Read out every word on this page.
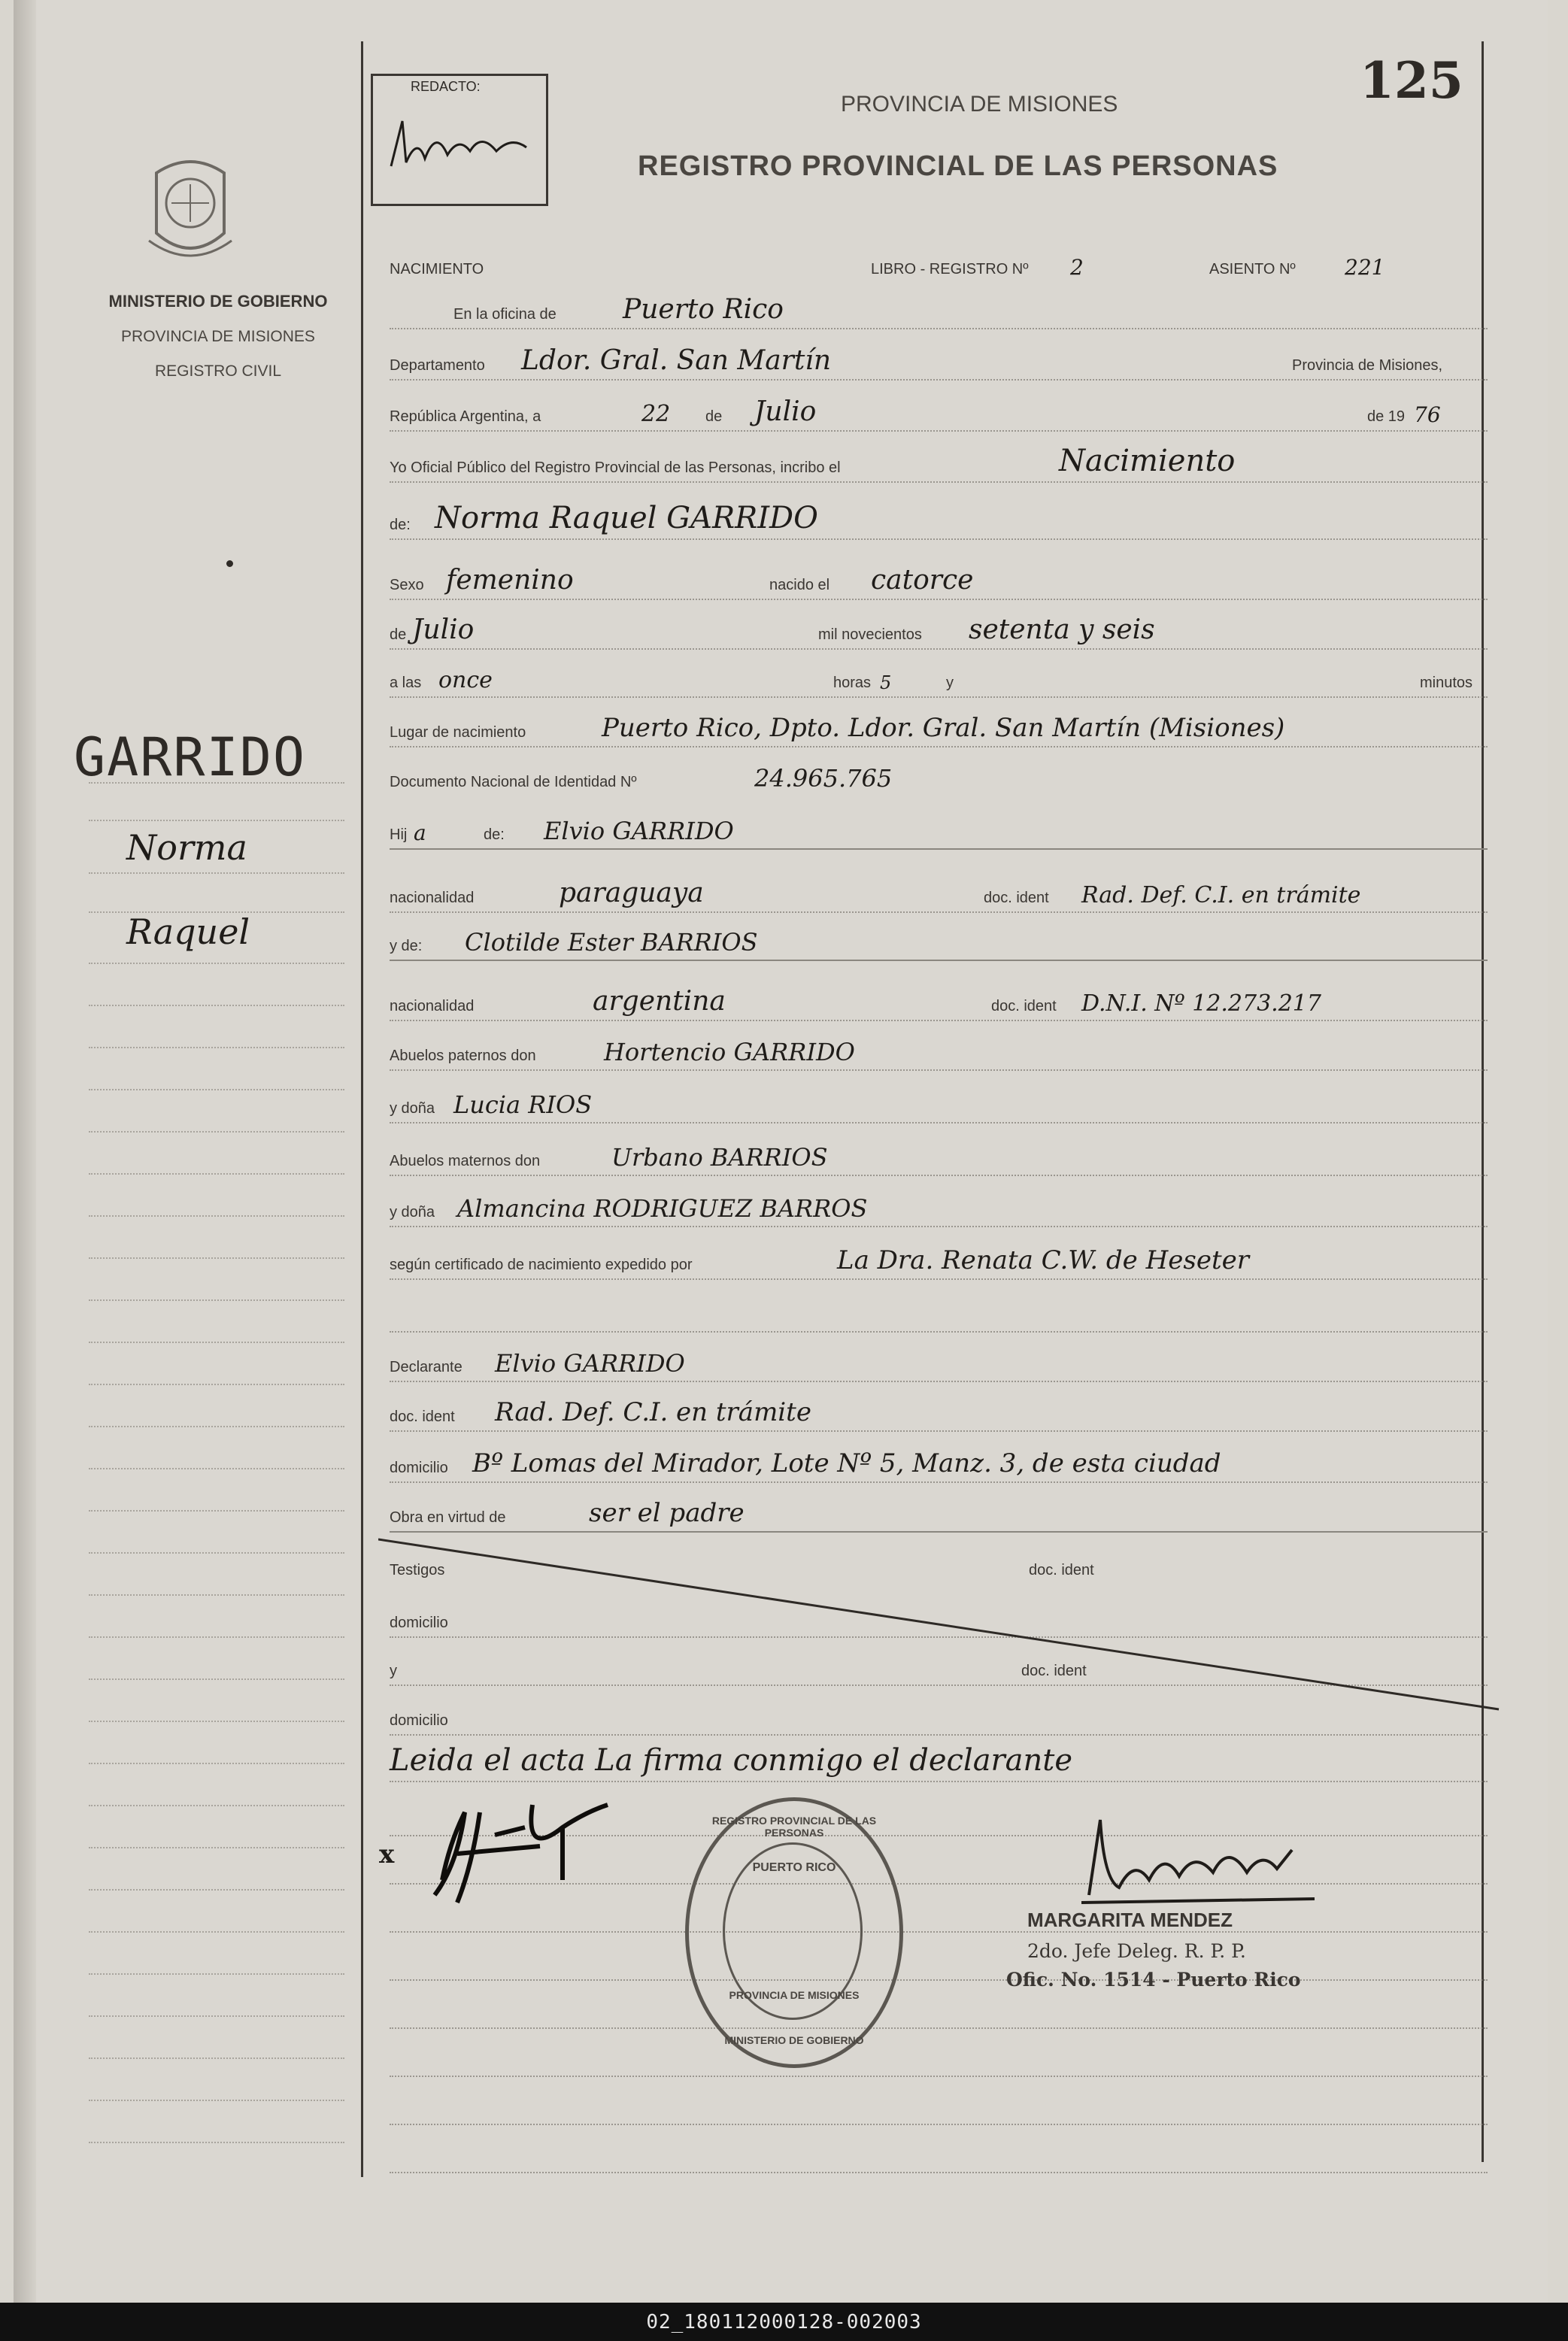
MINISTERIO DE GOBIERNO
PROVINCIA DE MISIONES
REGISTRO CIVIL
GARRIDO
Norma
Raquel
REDACTO:	125
PROVINCIA DE MISIONES
REGISTRO PROVINCIAL DE LAS PERSONAS
NACIMIENTO	LIBRO - REGISTRO Nº 2	ASIENTO Nº 221
En la oficina de Puerto Rico
Departamento Ldor. Gral. San Martín	Provincia de Misiones,
República Argentina, a	22 de Julio	de 19 76
Yo Oficial Público del Registro Provincial de las Personas, incribo el	Nacimiento
de: Norma Raquel GARRIDO
Sexo femenino	nacido el catorce
de Julio	mil novecientos setenta y seis
a las once	horas 5	y	minutos
Lugar de nacimiento	Puerto Rico, Dpto. Ldor. Gral. San Martín (Misiones)
Documento Nacional de Identidad Nº	24.965.765
Hij a	de: Elvio GARRIDO
nacionalidad	paraguaya	doc. ident Rad. Def. C.I. en trámite
y de: Clotilde Ester BARRIOS
nacionalidad	argentina	doc. ident D.N.I. Nº 12.273.217
Abuelos paternos don	Hortencio GARRIDO
y doña Lucia RIOS
Abuelos maternos don	Urbano BARRIOS
y doña Almancina RODRIGUEZ BARROS
según certificado de nacimiento expedido por	La Dra. Renata C.W. de Heseter
Declarante Elvio GARRIDO
doc. ident Rad. Def. C.I. en trámite
domicilio Bº Lomas del Mirador, Lote Nº 5, Manz. 3, de esta ciudad
Obra en virtud de	ser el padre
Testigos	doc. ident
domicilio
y	doc. ident
domicilio
Leida el acta La firma conmigo el declarante
x
REGISTRO PROVINCIAL DE LAS PERSONAS
PUERTO RICO
PROVINCIA DE MISIONES
MINISTERIO DE GOBIERNO
MARGARITA MENDEZ
2do. Jefe Deleg. R. P. P.
Ofic. No. 1514 - Puerto Rico
02_180112000128-002003
